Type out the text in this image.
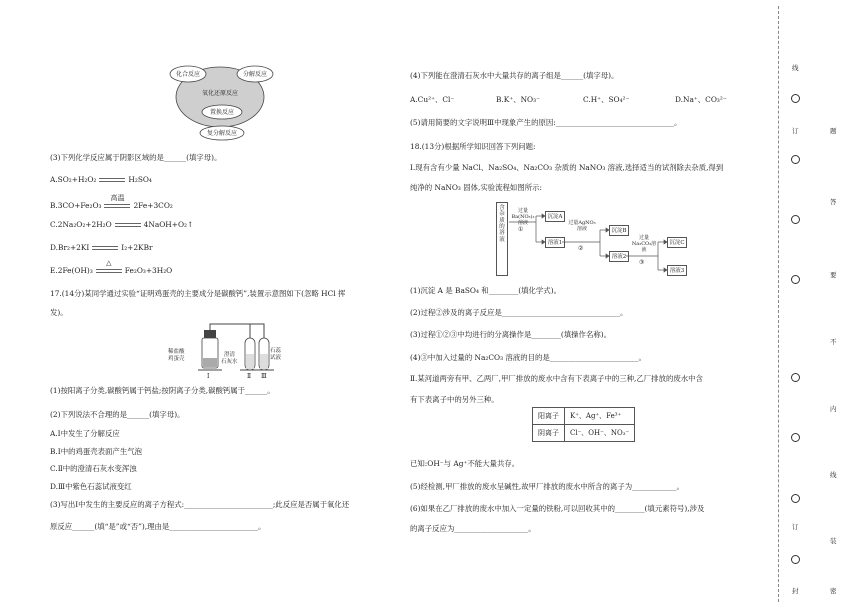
化合反应	分解反应
氧化还原反应
置换反应
复分解反应
(3)下列化学反应属于阴影区域的是______(填字母)。
A.SO₂+H₂O₂	H₂SO₄
B.3CO+Fe₂O₃
高温
2Fe+3CO₂
C.2Na₂O₂+2H₂O	4NaOH+O₂↑
D.Br₂+2KI	I₂+2KBr
E.2Fe(OH)₃
△
Fe₂O₃+3H₂O
17.(14分)某同学通过实验“证明鸡蛋壳的主要成分是碳酸钙”,装置示意图如下(忽略 HCl 挥
发)。
稀盐酸
鸡蛋壳
澄清
石灰水
石蕊
试液
Ⅰ	Ⅱ Ⅲ
(1)按阳离子分类,碳酸钙属于钙盐;按阴离子分类,碳酸钙属于______。
(2)下列说法不合理的是______(填字母)。
A.Ⅰ中发生了分解反应
B.Ⅰ中的鸡蛋壳表面产生气泡
C.Ⅱ中的澄清石灰水变浑浊
D.Ⅲ中紫色石蕊试液变红
(3)写出Ⅰ中发生的主要反应的离子方程式:________________________;此反应是否属于氧化还
原反应______(填“是”或“否”),理由是________________________。
(4)下列能在澄清石灰水中大量共存的离子组是______(填字母)。
A.Cu²⁺、Cl⁻	B.K⁺、NO₃⁻	C.H⁺、SO₄²⁻	D.Na⁺、CO₃²⁻
(5)请用简要的文字说明Ⅲ中现象产生的原因:________________________________。
18.(13分)根据所学知识回答下列问题:
Ⅰ.现有含有少量 NaCl、Na₂SO₄、Na₂CO₃ 杂质的 NaNO₃ 溶液,选择适当的试剂除去杂质,得到
纯净的 NaNO₃ 固体,实验流程如图所示:
含杂质的溶液
过量Ba(NO₃)₂溶液
①
沉淀A
溶液1
过量AgNO₃溶液
②
沉淀B
溶液2
过量Na₂CO₃溶液
③
沉淀C
溶液3
(1)沉淀 A 是 BaSO₄ 和________(填化学式)。
(2)过程②涉及的离子反应是________________________________。
(3)过程①②③中均进行的分离操作是________(填操作名称)。
(4)③中加入过量的 Na₂CO₃ 溶液的目的是________________________。
Ⅱ.某河道两旁有甲、乙两厂,甲厂排放的废水中含有下表离子中的三种,乙厂排放的废水中含
有下表离子中的另外三种。
阳离子	K⁺、Ag⁺、Fe³⁺
阴离子	Cl⁻、OH⁻、NO₃⁻
已知:OH⁻与 Ag⁺不能大量共存。
(5)经检测,甲厂排放的废水呈碱性,故甲厂排放的废水中所含的离子为____________。
(6)如果在乙厂排放的废水中加入一定量的铁粉,可以回收其中的________(填元素符号),涉及
的离子反应为____________________。
线
订	题
答
要
不
内
线
订
装
封	密
